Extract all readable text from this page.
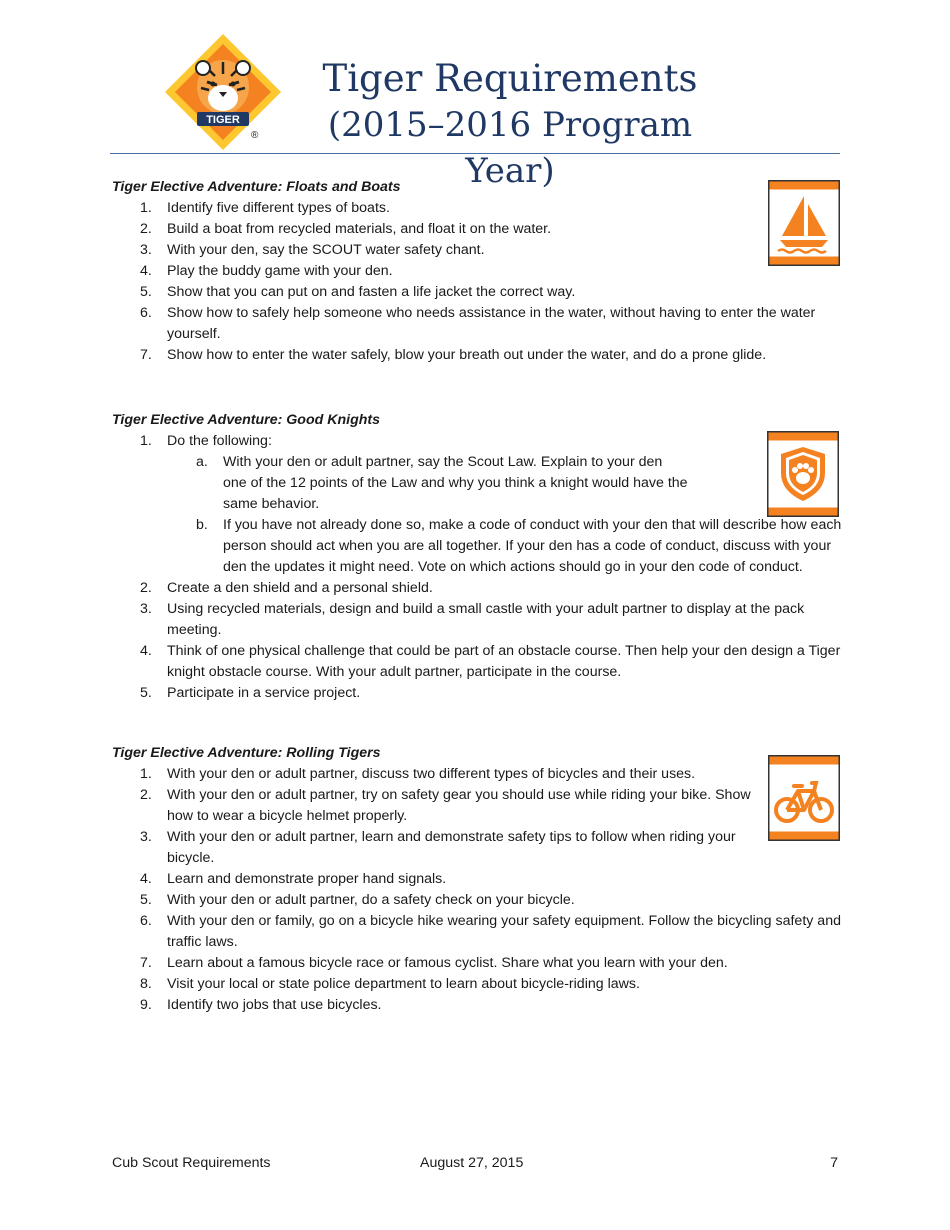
TIGER
®
Tiger Requirements
(2015–2016 Program Year)

Tiger Elective Adventure: Floats and Boats

1. Identify five different types of boats.
2. Build a boat from recycled materials, and float it on the water.
3. With your den, say the SCOUT water safety chant.
4. Play the buddy game with your den.
5. Show that you can put on and fasten a life jacket the correct way.
6. Show how to safely help someone who needs assistance in the water, without having to enter the water yourself.
7. Show how to enter the water safely, blow your breath out under the water, and do a prone glide.

Tiger Elective Adventure: Good Knights

1. Do the following:
a. With your den or adult partner, say the Scout Law. Explain to your den one of the 12 points of the Law and why you think a knight would have the same behavior.
b. If you have not already done so, make a code of conduct with your den that will describe how each person should act when you are all together. If your den has a code of conduct, discuss with your den the updates it might need. Vote on which actions should go in your den code of conduct.
2. Create a den shield and a personal shield.
3. Using recycled materials, design and build a small castle with your adult partner to display at the pack meeting.
4. Think of one physical challenge that could be part of an obstacle course. Then help your den design a Tiger knight obstacle course. With your adult partner, participate in the course.
5. Participate in a service project.

Tiger Elective Adventure: Rolling Tigers

1. With your den or adult partner, discuss two different types of bicycles and their uses.
2. With your den or adult partner, try on safety gear you should use while riding your bike. Show how to wear a bicycle helmet properly.
3. With your den or adult partner, learn and demonstrate safety tips to follow when riding your bicycle.
4. Learn and demonstrate proper hand signals.
5. With your den or adult partner, do a safety check on your bicycle.
6. With your den or family, go on a bicycle hike wearing your safety equipment. Follow the bicycling safety and traffic laws.
7. Learn about a famous bicycle race or famous cyclist. Share what you learn with your den.
8. Visit your local or state police department to learn about bicycle-riding laws.
9. Identify two jobs that use bicycles.
Cub Scout Requirements	August 27, 2015	7
